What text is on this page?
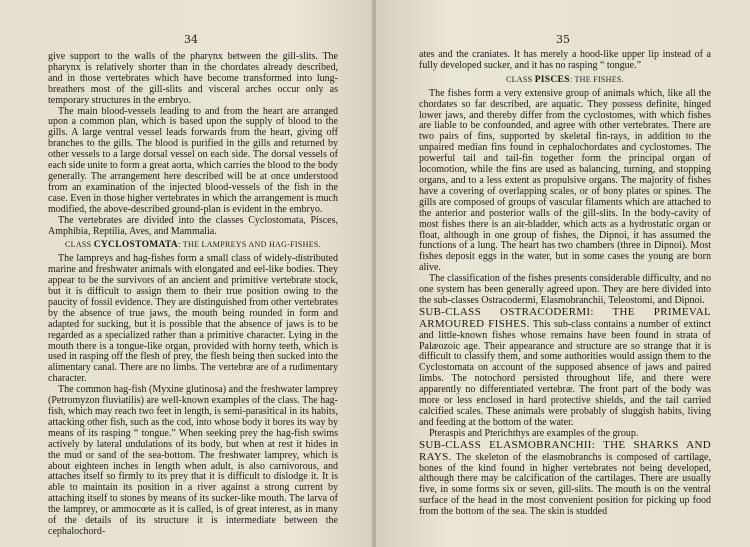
34

give support to the walls of the pharynx between the gill-slits. The pharynx is relatively shorter than in the chordates already described, and in those vertebrates which have become transformed into lung-breathers most of the gill-slits and visceral arches occur only as temporary structures in the embryo.

The main blood-vessels leading to and from the heart are arranged upon a common plan, which is based upon the supply of blood to the gills. A large ventral vessel leads forwards from the heart, giving off branches to the gills. The blood is purified in the gills and returned by other vessels to a large dorsal vessel on each side. The dorsal vessels of each side unite to form a great aorta, which carries the blood to the body generally. The arrangement here described will be at once understood from an examination of the injected blood-vessels of the fish in the case. Even in those higher vertebrates in which the arrangement is much modified, the above-described ground-plan is evident in the embryo.

The vertebrates are divided into the classes Cyclostomata, Pisces, Amphibia, Reptilia, Aves, and Mammalia.

CLASS CYCLOSTOMATA: THE LAMPREYS AND HAG-FISHES.

The lampreys and hag-fishes form a small class of widely-distributed marine and freshwater animals with elongated and eel-like bodies. They appear to be the survivors of an ancient and primitive vertebrate stock, but it is difficult to assign them to their true position owing to the paucity of fossil evidence. They are distinguished from other vertebrates by the absence of true jaws, the mouth being rounded in form and adapted for sucking, but it is possible that the absence of jaws is to be regarded as a specialized rather than a primitive character. Lying in the mouth there is a tongue-like organ, provided with horny teeth, which is used in rasping off the flesh of prey, the flesh being then sucked into the alimentary canal. There are no limbs. The vertebræ are of a rudimentary character.

The common hag-fish (Myxine glutinosa) and the freshwater lamprey (Petromyzon fluviatilis) are well-known examples of the class. The hag-fish, which may reach two feet in length, is semi-parasitical in its habits, attacking other fish, such as the cod, into whose body it bores its way by means of its rasping “ tongue.” When seeking prey the hag-fish swims actively by lateral undulations of its body, but when at rest it hides in the mud or sand of the sea-bottom. The freshwater lamprey, which is about eighteen inches in length when adult, is also carnivorous, and attaches itself so firmly to its prey that it is difficult to dislodge it. It is able to maintain its position in a river against a strong current by attaching itself to stones by means of its sucker-like mouth. The larva of the lamprey, or ammocœte as it is called, is of great interest, as in many of the details of its structure it is intermediate between the cephalochord-

35

ates and the craniates. It has merely a hood-like upper lip instead of a fully developed sucker, and it has no rasping “ tongue.”

CLASS PISCES: THE FISHES.

The fishes form a very extensive group of animals which, like all the chordates so far described, are aquatic. They possess definite, hinged lower jaws, and thereby differ from the cyclostomes, with which fishes are liable to be confounded, and agree with other vertebrates. There are two pairs of fins, supported by skeletal fin-rays, in addition to the unpaired median fins found in cephalochordates and cyclostomes. The powerful tail and tail-fin together form the principal organ of locomotion, while the fins are used as balancing, turning, and stopping organs, and to a less extent as propulsive organs. The majority of fishes have a covering of overlapping scales, or of bony plates or spines. The gills are composed of groups of vascular filaments which are attached to the anterior and posterior walls of the gill-slits. In the body-cavity of most fishes there is an air-bladder, which acts as a hydrostatic organ or float, although in one group of fishes, the Dipnoi, it has assumed the functions of a lung. The heart has two chambers (three in Dipnoi). Most fishes deposit eggs in the water, but in some cases the young are born alive.

The classification of the fishes presents considerable difficulty, and no one system has been generally agreed upon. They are here divided into the sub-classes Ostracodermi, Elasmobranchii, Teleostomi, and Dipnoi.

SUB-CLASS OSTRACODERMI: THE PRIMEVAL ARMOURED FISHES. This sub-class contains a number of extinct and little-known fishes whose remains have been found in strata of Palæozoic age. Their appearance and structure are so strange that it is difficult to classify them, and some authorities would assign them to the Cyclostomata on account of the supposed absence of jaws and paired limbs. The notochord persisted throughout life, and there were apparently no differentiated vertebræ. The front part of the body was more or less enclosed in hard protective shields, and the tail carried calcified scales. These animals were probably of sluggish habits, living and feeding at the bottom of the water.

Pteraspis and Pterichthys are examples of the group.

SUB-CLASS ELASMOBRANCHII: THE SHARKS AND RAYS. The skeleton of the elasmobranchs is composed of cartilage, bones of the kind found in higher vertebrates not being developed, although there may be calcification of the cartilages. There are usually five, in some forms six or seven, gill-slits. The mouth is on the ventral surface of the head in the most convenient position for picking up food from the bottom of the sea. The skin is studded
